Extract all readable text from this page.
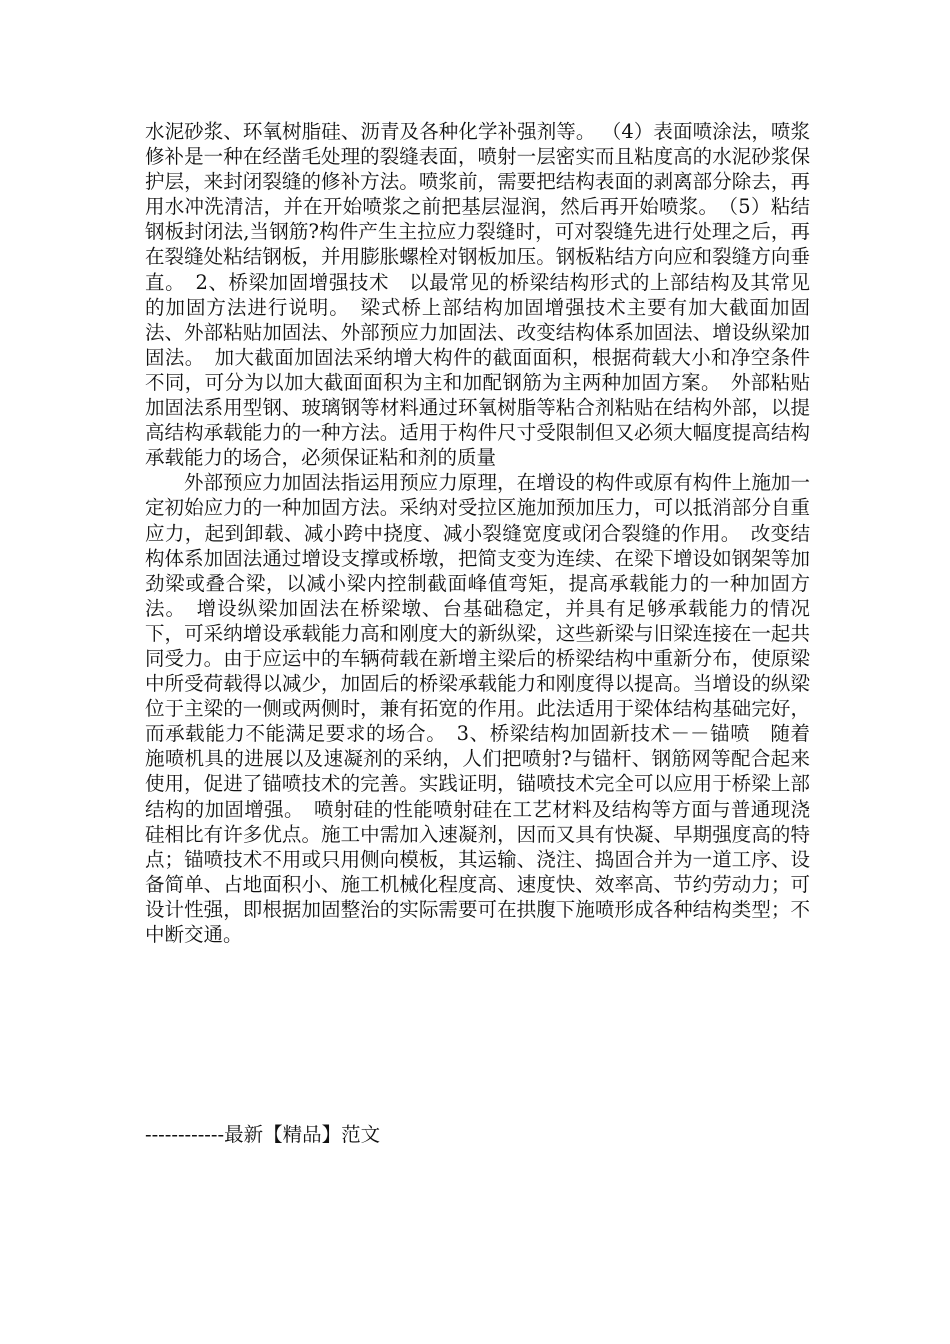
水泥砂浆、环氧树脂硅、沥青及各种化学补强剂等。 （4）表面喷涂法，喷浆修补是一种在经凿毛处理的裂缝表面，喷射一层密实而且粘度高的水泥砂浆保护层，来封闭裂缝的修补方法。喷浆前，需要把结构表面的剥离部分除去，再用水冲洗清洁，并在开始喷浆之前把基层湿润，然后再开始喷浆。　（5）粘结钢板封闭法,当钢筋?构件产生主拉应力裂缝时，可对裂缝先进行处理之后，再在裂缝处粘结钢板，并用膨胀螺栓对钢板加压。钢板粘结方向应和裂缝方向垂直。　2、桥梁加固增强技术　以最常见的桥梁结构形式的上部结构及其常见的加固方法进行说明。　梁式桥上部结构加固增强技术主要有加大截面加固法、外部粘贴加固法、外部预应力加固法、改变结构体系加固法、增设纵梁加固法。　加大截面加固法采纳增大构件的截面面积，根据荷载大小和净空条件不同，可分为以加大截面面积为主和加配钢筋为主两种加固方案。　外部粘贴加固法系用型钢、玻璃钢等材料通过环氧树脂等粘合剂粘贴在结构外部，以提高结构承载能力的一种方法。适用于构件尺寸受限制但又必须大幅度提高结构承载能力的场合，必须保证粘和剂的质量

外部预应力加固法指运用预应力原理，在增设的构件或原有构件上施加一定初始应力的一种加固方法。采纳对受拉区施加预加压力，可以抵消部分自重应力，起到卸载、减小跨中挠度、减小裂缝宽度或闭合裂缝的作用。　改变结构体系加固法通过增设支撑或桥墩，把简支变为连续、在梁下增设如钢架等加劲梁或叠合梁，以减小梁内控制截面峰值弯矩，提高承载能力的一种加固方法。　增设纵梁加固法在桥梁墩、台基础稳定，并具有足够承载能力的情况下，可采纳增设承载能力高和刚度大的新纵梁，这些新梁与旧梁连接在一起共同受力。由于应运中的车辆荷载在新增主梁后的桥梁结构中重新分布，使原梁中所受荷载得以减少，加固后的桥梁承载能力和刚度得以提高。当增设的纵梁位于主梁的一侧或两侧时，兼有拓宽的作用。此法适用于梁体结构基础完好，而承载能力不能满足要求的场合。　3、桥梁结构加固新技术－－锚喷　随着施喷机具的进展以及速凝剂的采纳，人们把喷射?与锚杆、钢筋网等配合起来使用，促进了锚喷技术的完善。实践证明，锚喷技术完全可以应用于桥梁上部结构的加固增强。　喷射硅的性能喷射硅在工艺材料及结构等方面与普通现浇硅相比有许多优点。施工中需加入速凝剂，因而又具有快凝、早期强度高的特点；锚喷技术不用或只用侧向模板，其运输、浇注、捣固合并为一道工序、设备简单、占地面积小、施工机械化程度高、速度快、效率高、节约劳动力；可设计性强，即根据加固整治的实际需要可在拱腹下施喷形成各种结构类型；不中断交通。

------------最新【精品】范文
